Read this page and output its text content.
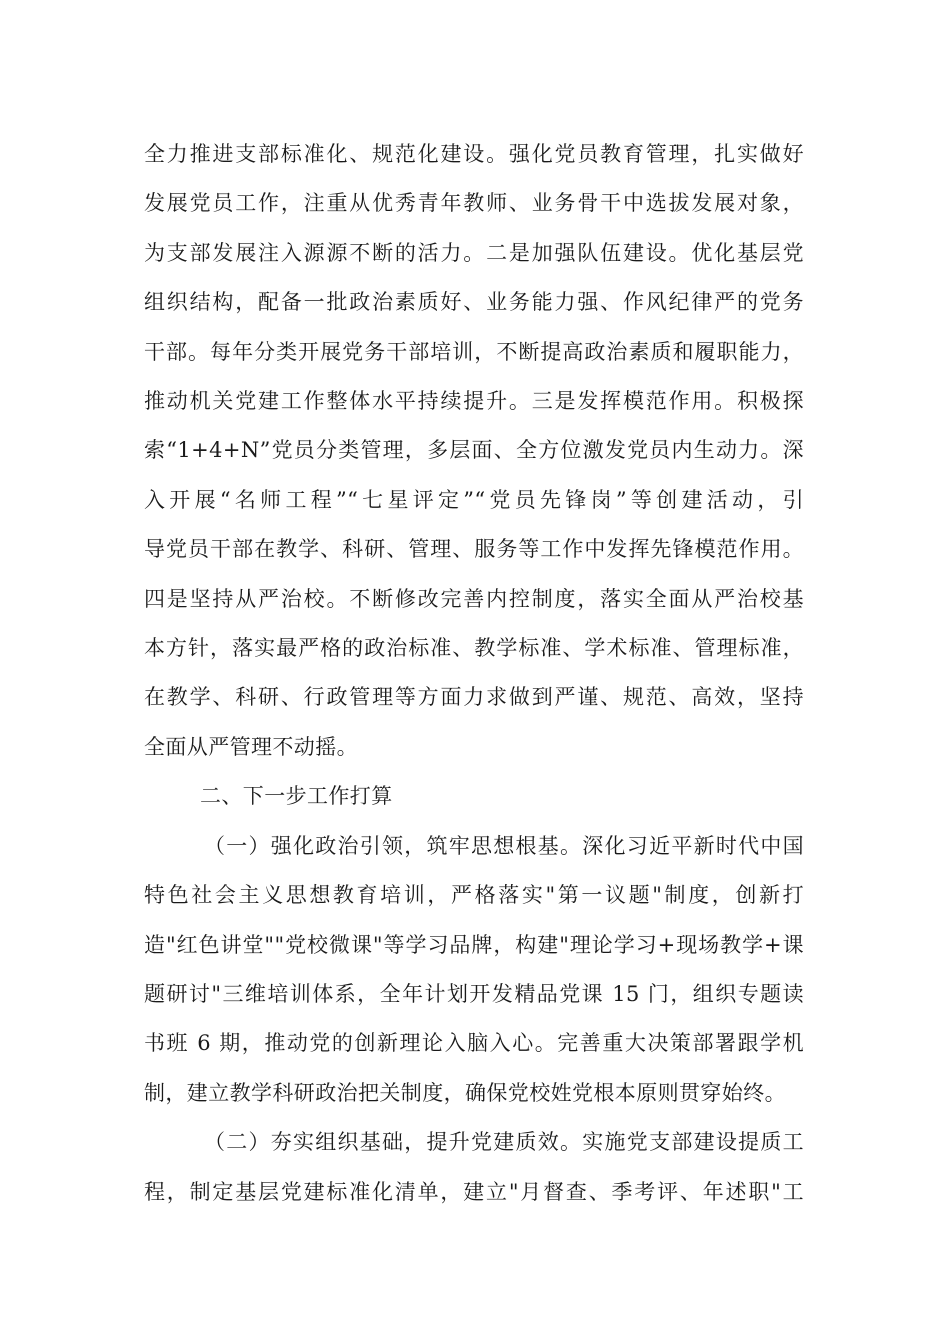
全力推进支部标准化、规范化建设。强化党员教育管理，扎实做好
发展党员工作，注重从优秀青年教师、业务骨干中选拔发展对象，
为支部发展注入源源不断的活力。二是加强队伍建设。优化基层党
组织结构，配备一批政治素质好、业务能力强、作风纪律严的党务
干部。每年分类开展党务干部培训，不断提高政治素质和履职能力，
推动机关党建工作整体水平持续提升。三是发挥模范作用。积极探
索“1+4+N”党员分类管理，多层面、全方位激发党员内生动力。深
入开展“名师工程”“七星评定”“党员先锋岗”等创建活动，引
导党员干部在教学、科研、管理、服务等工作中发挥先锋模范作用。
四是坚持从严治校。不断修改完善内控制度，落实全面从严治校基
本方针，落实最严格的政治标准、教学标准、学术标准、管理标准，
在教学、科研、行政管理等方面力求做到严谨、规范、高效，坚持
全面从严管理不动摇。

二、下一步工作打算

（一）强化政治引领，筑牢思想根基。深化习近平新时代中国
特色社会主义思想教育培训，严格落实"第一议题"制度，创新打
造"红色讲堂""党校微课"等学习品牌，构建"理论学习+现场教学+课
题研讨"三维培训体系，全年计划开发精品党课 15 门，组织专题读
书班 6 期，推动党的创新理论入脑入心。完善重大决策部署跟学机
制，建立教学科研政治把关制度，确保党校姓党根本原则贯穿始终。
（二）夯实组织基础，提升党建质效。实施党支部建设提质工
程，制定基层党建标准化清单，建立"月督查、季考评、年述职"工
